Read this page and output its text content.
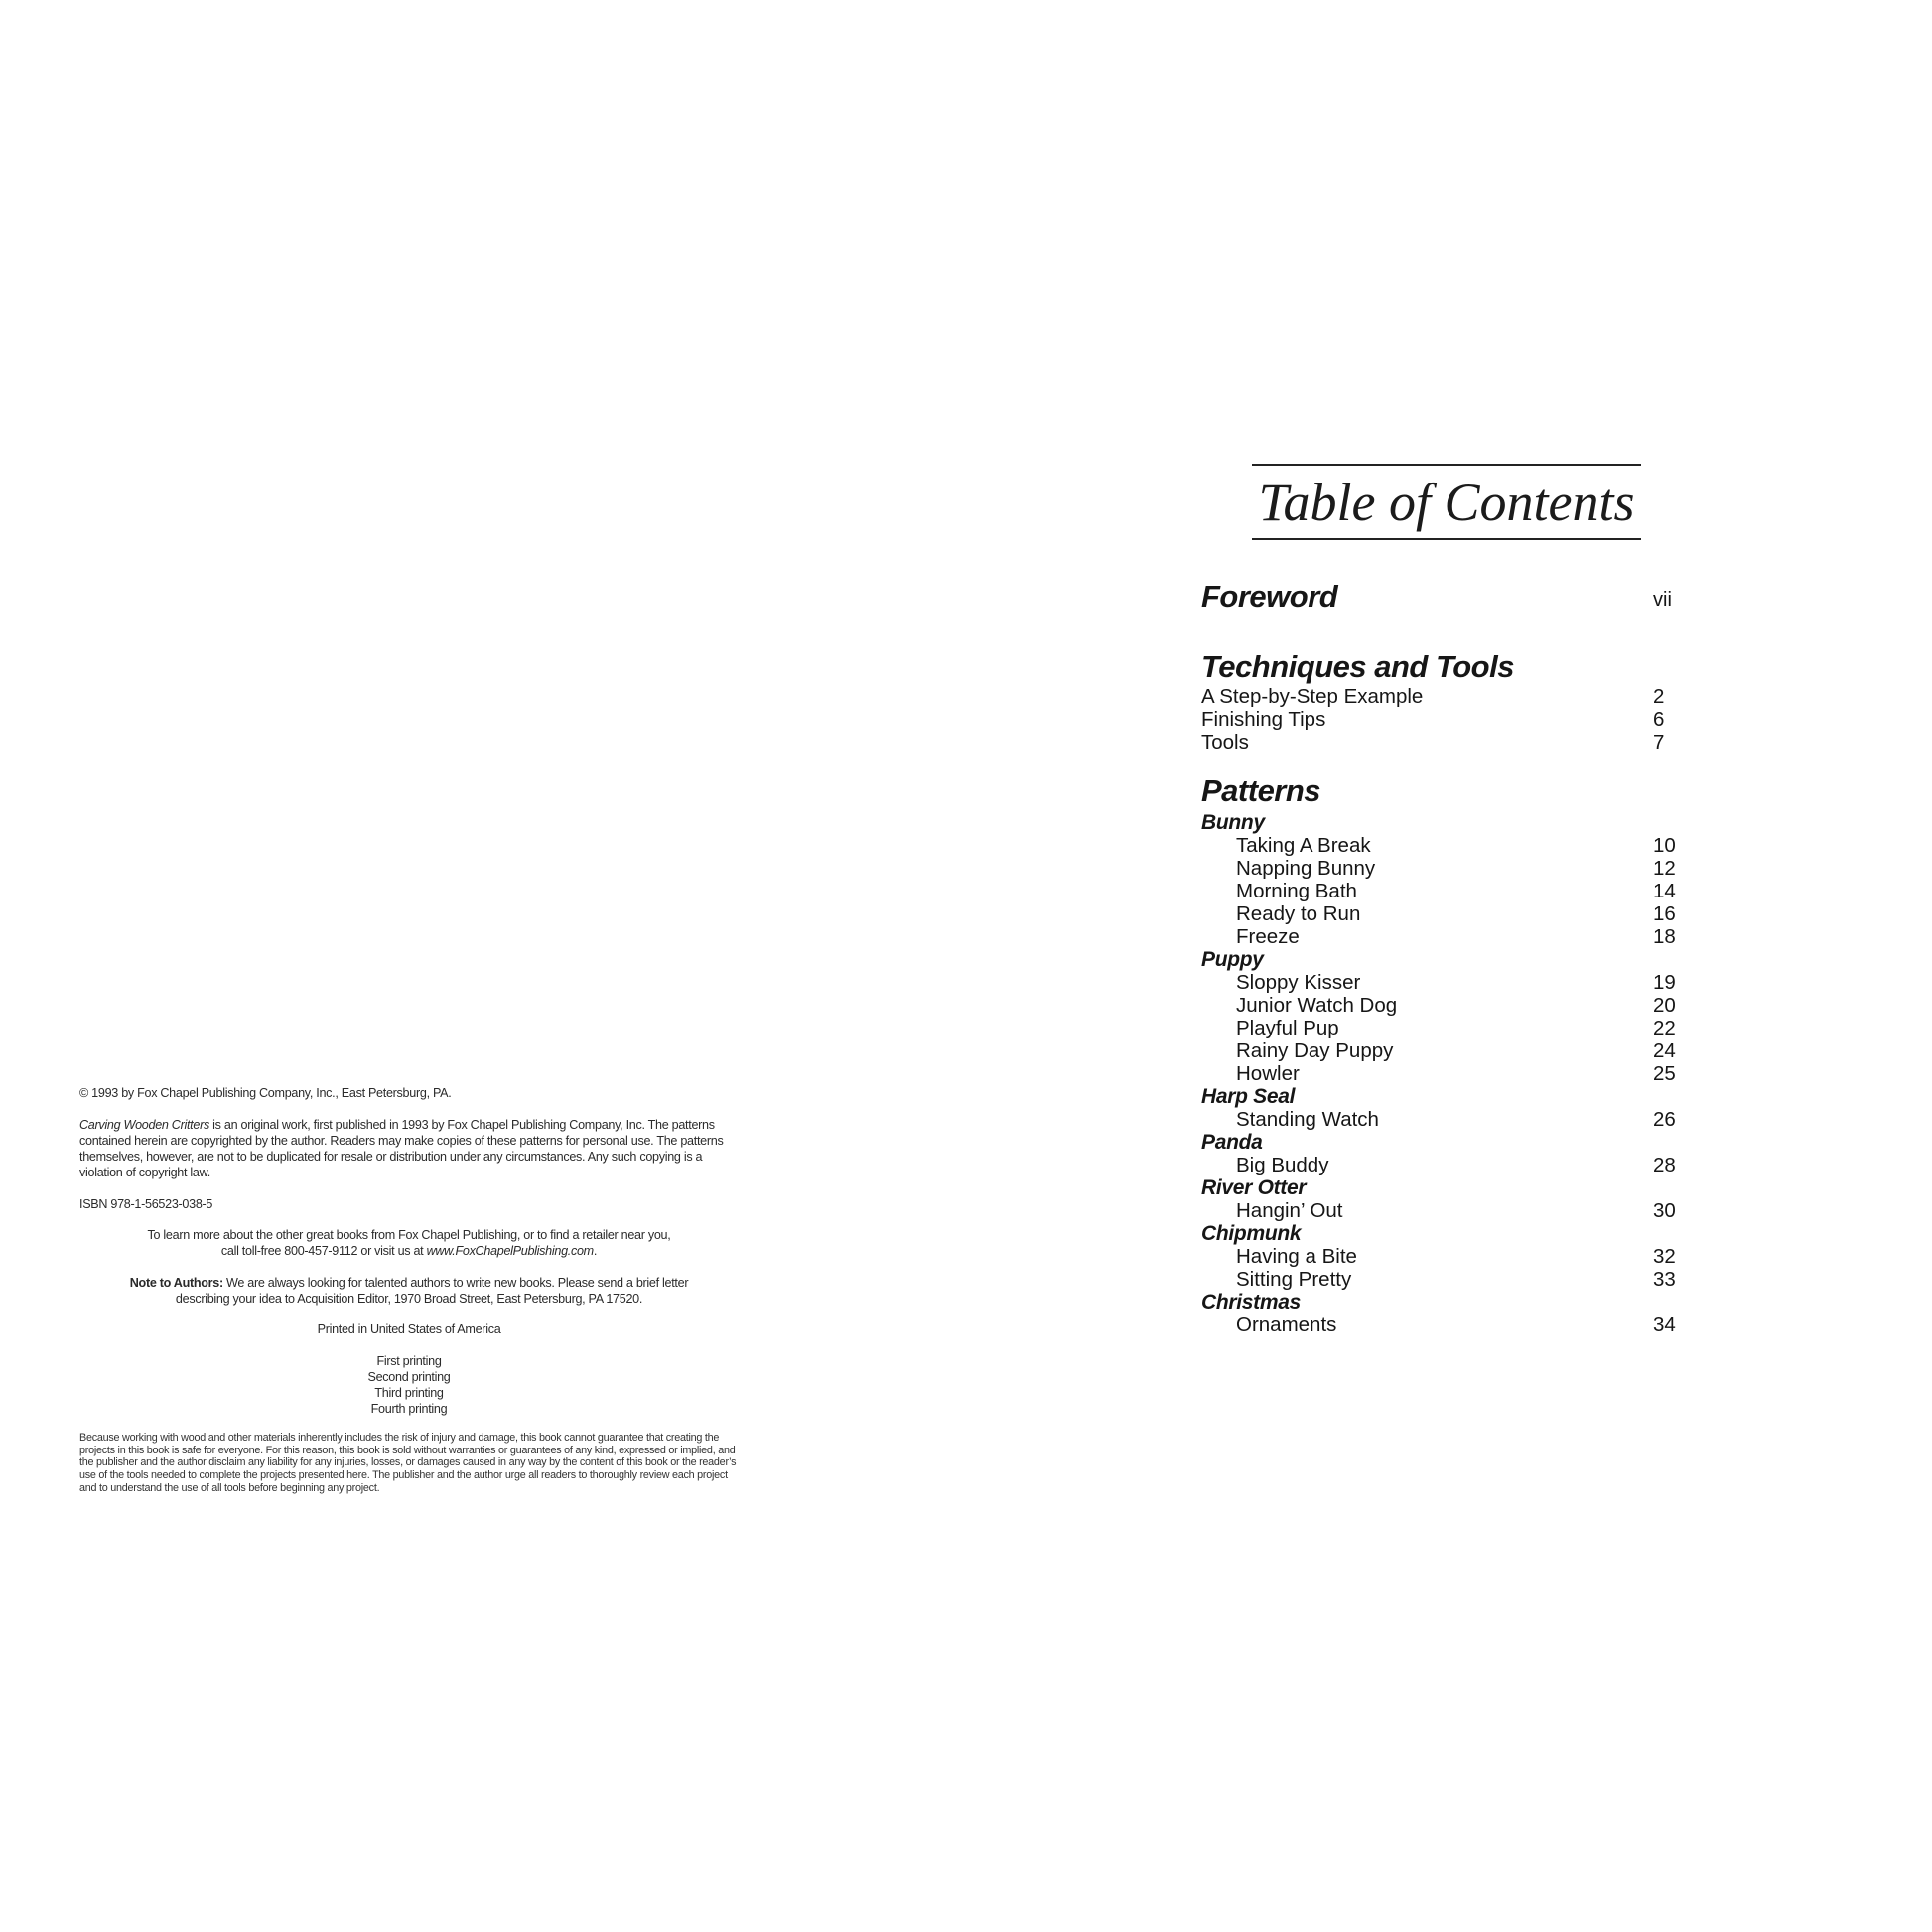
© 1993 by Fox Chapel Publishing Company, Inc., East Petersburg, PA.

Carving Wooden Critters is an original work, first published in 1993 by Fox Chapel Publishing Company, Inc. The patterns contained herein are copyrighted by the author. Readers may make copies of these patterns for personal use. The patterns themselves, however, are not to be duplicated for resale or distribution under any circumstances. Any such copying is a violation of copyright law.

ISBN 978-1-56523-038-5

To learn more about the other great books from Fox Chapel Publishing, or to find a retailer near you,
call toll-free 800-457-9112 or visit us at www.FoxChapelPublishing.com.

Note to Authors: We are always looking for talented authors to write new books. Please send a brief letter
describing your idea to Acquisition Editor, 1970 Broad Street, East Petersburg, PA 17520.

Printed in United States of America

First printing
Second printing
Third printing
Fourth printing

Because working with wood and other materials inherently includes the risk of injury and damage, this book cannot guarantee that creating the projects in this book is safe for everyone. For this reason, this book is sold without warranties or guarantees of any kind, expressed or implied, and the publisher and the author disclaim any liability for any injuries, losses, or damages caused in any way by the content of this book or the reader’s use of the tools needed to complete the projects presented here. The publisher and the author urge all readers to thoroughly review each project and to understand the use of all tools before beginning any project.

Table of Contents
Foreword	vii
Techniques and Tools
A Step-by-Step Example	2
Finishing Tips	6
Tools	7
Patterns
Bunny
Taking A Break	10
Napping Bunny	12
Morning Bath	14
Ready to Run	16
Freeze	18
Puppy
Sloppy Kisser	19
Junior Watch Dog	20
Playful Pup	22
Rainy Day Puppy	24
Howler	25
Harp Seal
Standing Watch	26
Panda
Big Buddy	28
River Otter
Hangin’ Out	30
Chipmunk
Having a Bite	32
Sitting Pretty	33
Christmas
Ornaments	34
